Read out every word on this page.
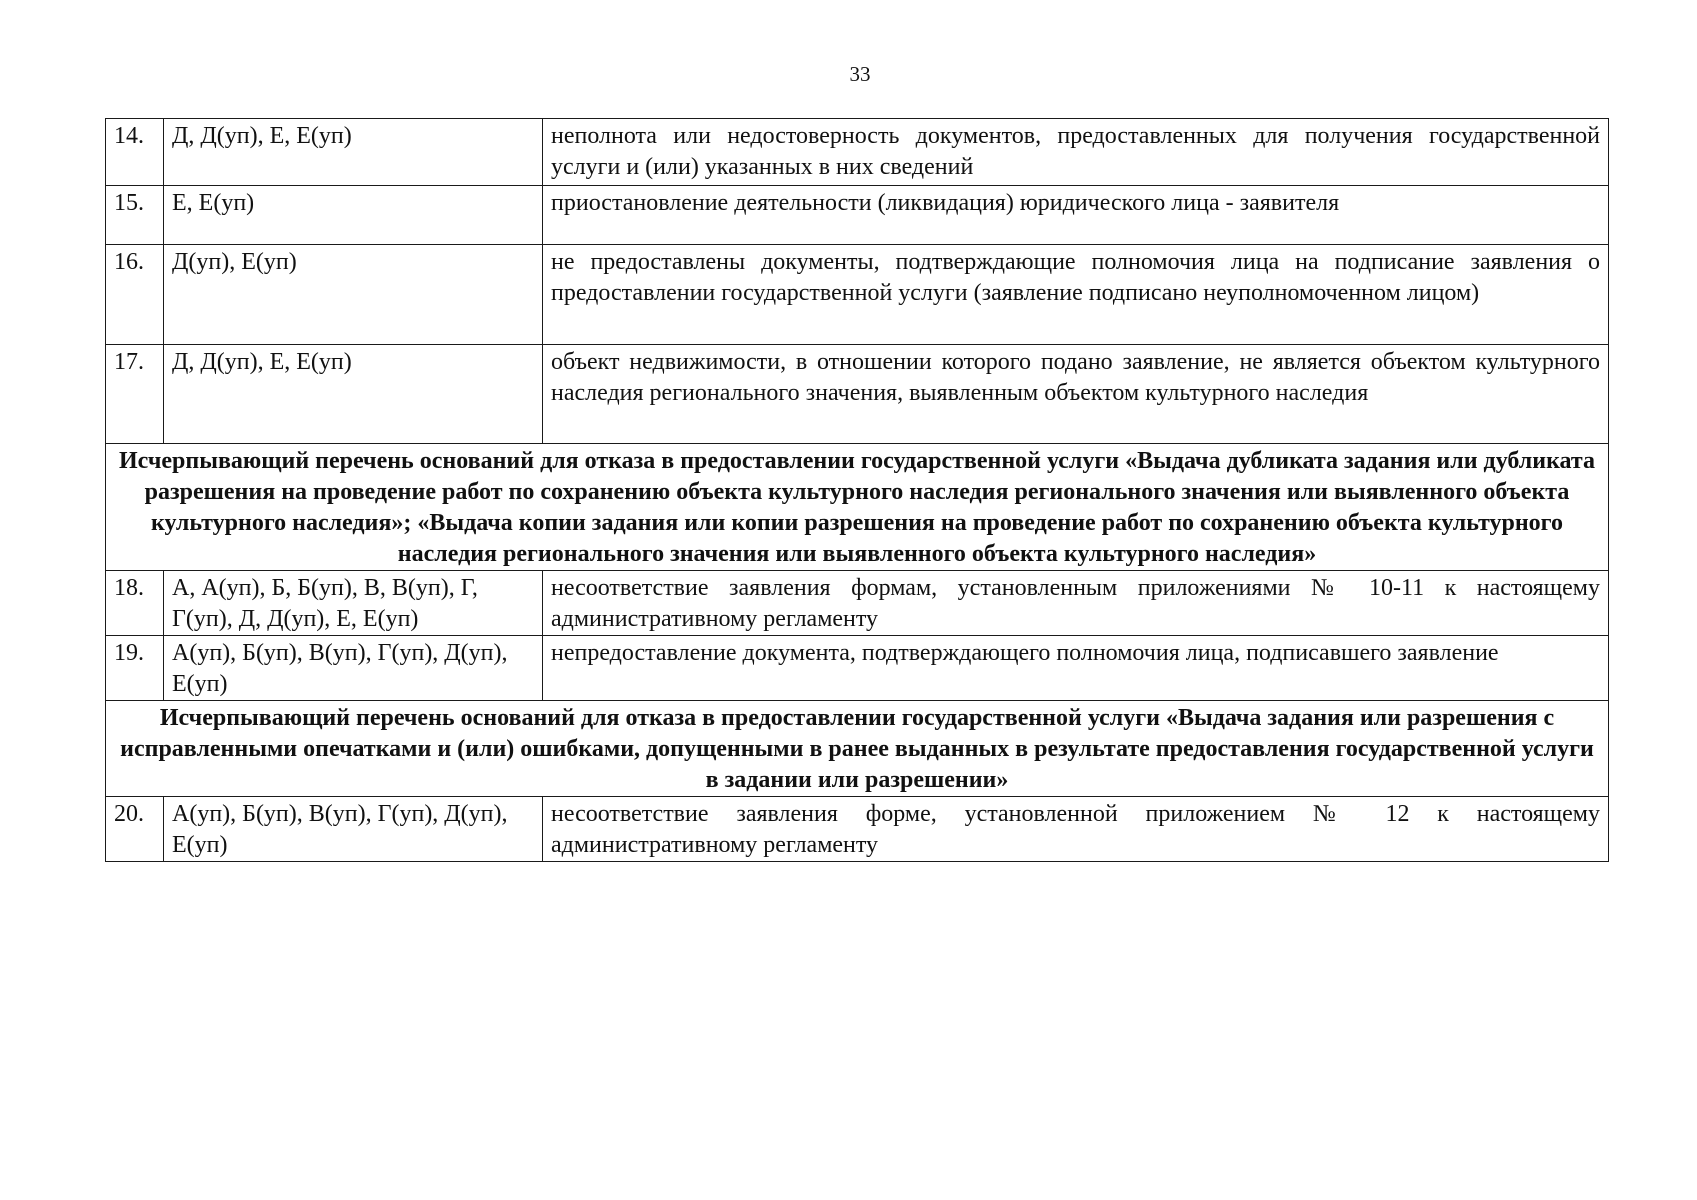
33
14.	Д, Д(уп), Е, Е(уп)	неполнота или недостоверность документов, предоставленных для получения государственной услуги и (или) указанных в них сведений
15.	Е, Е(уп)	приостановление деятельности (ликвидация) юридического лица - заявителя
16.	Д(уп), Е(уп)	не предоставлены документы, подтверждающие полномочия лица на подписание заявления о предоставлении государственной услуги (заявление подписано неуполномоченном лицом)
17.	Д, Д(уп), Е, Е(уп)	объект недвижимости, в отношении которого подано заявление, не является объектом культурного наследия регионального значения, выявленным объектом культурного наследия
Исчерпывающий перечень оснований для отказа в предоставлении государственной услуги «Выдача дубликата задания или дубликата разрешения на проведение работ по сохранению объекта культурного наследия регионального значения или выявленного объекта культурного наследия»; «Выдача копии задания или копии разрешения на проведение работ по сохранению объекта культурного наследия регионального значения или выявленного объекта культурного наследия»		
18.	А, А(уп), Б, Б(уп), В, В(уп), Г, Г(уп), Д, Д(уп), Е, Е(уп)	несоответствие заявления формам, установленным приложениями № 10-11 к настоящему административному регламенту
19.	А(уп), Б(уп), В(уп), Г(уп), Д(уп), Е(уп)	непредоставление документа, подтверждающего полномочия лица, подписавшего заявление
Исчерпывающий перечень оснований для отказа в предоставлении государственной услуги «Выдача задания или разрешения с исправленными опечатками и (или) ошибками, допущенными в ранее выданных в результате предоставления государственной услуги в задании или разрешении»		
20.	А(уп), Б(уп), В(уп), Г(уп), Д(уп), Е(уп)	несоответствие заявления форме, установленной приложением № 12 к настоящему административному регламенту
